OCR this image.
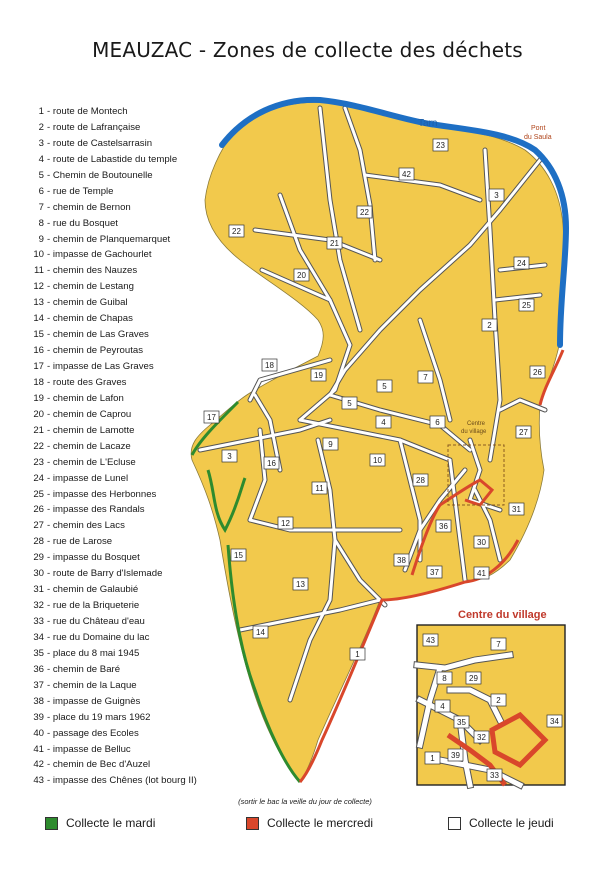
MEAUZAC - Zones de collecte des déchets
1 - route de Montech
2 - route de Lafrançaise
3 - route de Castelsarrasin
4 - route de Labastide du temple
5 - Chemin de Boutounelle
6 - rue de Temple
7 - chemin de Bernon
8 - rue du Bosquet
9 - chemin de Planquemarquet
10 - impasse de Gachourlet
11 - chemin des Nauzes
12 - chemin de Lestang
13 - chemin de Guibal
14 - chemin de Chapas
15 - chemin de Las Graves
16 - chemin de Peyroutas
17 - impasse de Las Graves
18 - route des Graves
19 - chemin de Lafon
20 - chemin de Caprou
21 - chemin de Lamotte
22 - chemin de Lacaze
23 - chemin de L'Ecluse
24 - impasse de Lunel
25 - impasse des Herbonnes
26 - impasse des Randals
27 - chemin des Lacs
28 - rue de Larose
29 - impasse du Bosquet
30 - route de Barry d'Islemade
31 - chemin de Galaubié
32 - rue de la Briqueterie
33 - rue du Château d'eau
34 - rue du Domaine du lac
35 - place du 8 mai 1945
36 - chemin de Baré
37 - chemin de la Laque
38 - impasse de Guignès
39 - place du 19 mars 1962
40 - passage des Ecoles
41 - impasse de Belluc
42 - chemin de Bec d'Auzel
43 - impasse des Chênes (lot bourg II)
Tarn	Pont
du Saula
Centre
du village
23
42
3
22
22
21
24
20
25
2
18
19
5
7
26
17
5
4	6
27
3
16
9
10
28
11
31
12	36
30
38
15
37	41
13
14
1
43	7
8	29
2
4
35	34
32
1 39
33
Centre du village
(sortir le bac la veille du jour de collecte)
Collecte le mardi	Collecte le mercredi	Collecte le jeudi
